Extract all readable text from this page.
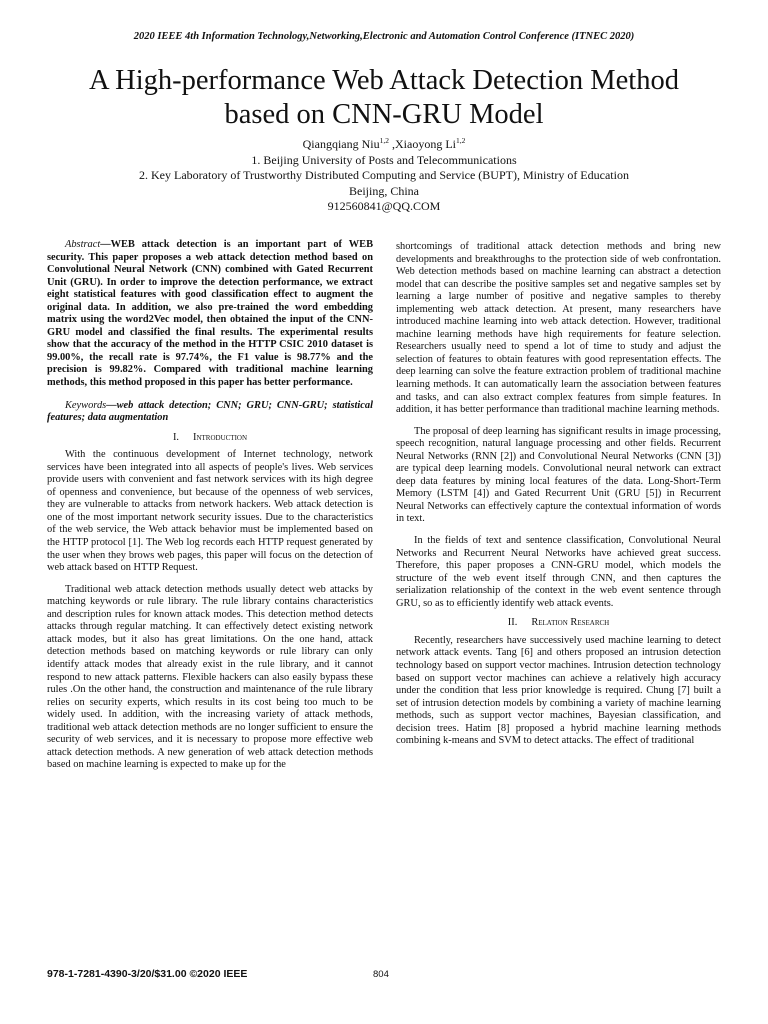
2020 IEEE 4th Information Technology,Networking,Electronic and Automation Control Conference (ITNEC 2020)
A High-performance Web Attack Detection Method
based on CNN-GRU Model
Qiangqiang Niu$^{1,2}$ ,Xiaoyong Li$^{1,2}$
1. Beijing University of Posts and Telecommunications
2. Key Laboratory of Trustworthy Distributed Computing and Service (BUPT), Ministry of Education
Beijing, China
912560841@QQ.COM

Abstract—WEB attack detection is an important part of WEB security. This paper proposes a web attack detection method based on Convolutional Neural Network (CNN) combined with Gated Recurrent Unit (GRU). In order to improve the detection performance, we extract eight statistical features with good classification effect to augment the original data. In addition, we also pre-trained the word embedding matrix using the word2Vec model, then obtained the input of the CNN-GRU model and classified the final results. The experimental results show that the accuracy of the method in the HTTP CSIC 2010 dataset is 99.00%, the recall rate is 97.74%, the F1 value is 98.77% and the precision is 99.82%. Compared with traditional machine learning methods, this method proposed in this paper has better performance.

Keywords—web attack detection; CNN; GRU; CNN-GRU; statistical features; data augmentation

I. Introduction

With the continuous development of Internet technology, network services have been integrated into all aspects of people's lives. Web services provide users with convenient and fast network services with its high degree of openness and convenience, but because of the openness of web services, they are vulnerable to attacks from network hackers. Web attack detection is one of the most important network security issues. Due to the characteristics of the web service, the Web attack behavior must be implemented based on the HTTP protocol [1]. The Web log records each HTTP request generated by the user when they brows web pages, this paper will focus on the detection of web attack based on HTTP Request.

Traditional web attack detection methods usually detect web attacks by matching keywords or rule library. The rule library contains characteristics and description rules for known attack modes. This detection method detects attacks through regular matching. It can effectively detect existing network attack modes, but it also has great limitations. On the one hand, attack detection methods based on matching keywords or rule library can only identify attack modes that already exist in the rule library, and it cannot respond to new attack patterns. Flexible hackers can also easily bypass these rules .On the other hand, the construction and maintenance of the rule library relies on security experts, which results in its cost being too much to be widely used. In addition, with the increasing variety of attack methods, traditional web attack detection methods are no longer sufficient to ensure the security of web services, and it is necessary to propose more effective web attack detection methods. A new generation of web attack detection methods based on machine learning is expected to make up for the

shortcomings of traditional attack detection methods and bring new developments and breakthroughs to the protection side of web confrontation. Web detection methods based on machine learning can abstract a detection model that can describe the positive samples set and negative samples set by learning a large number of positive and negative samples to thereby implementing web attack detection. At present, many researchers have introduced machine learning into web attack detection. However, traditional machine learning methods have high requirements for feature selection. Researchers usually need to spend a lot of time to study and adjust the selection of features to obtain features with good representation effects. The deep learning can solve the feature extraction problem of traditional machine learning methods. It can automatically learn the association between features and tasks, and can also extract complex features from simple features. In addition, it has better performance than traditional machine learning methods.

The proposal of deep learning has significant results in image processing, speech recognition, natural language processing and other fields. Recurrent Neural Networks (RNN [2]) and Convolutional Neural Networks (CNN [3]) are typical deep learning models. Convolutional neural network can extract deep data features by mining local features of the data. Long-Short-Term Memory (LSTM [4]) and Gated Recurrent Unit (GRU [5]) in Recurrent Neural Networks can effectively capture the contextual information of words in text.

In the fields of text and sentence classification, Convolutional Neural Networks and Recurrent Neural Networks have achieved great success. Therefore, this paper proposes a CNN-GRU model, which models the structure of the web event itself through CNN, and then captures the serialization relationship of the context in the web event sentence through GRU, so as to efficiently identify web attack events.

II. Relation Research

Recently, researchers have successively used machine learning to detect network attack events. Tang [6] and others proposed an intrusion detection technology based on support vector machines. Intrusion detection technology based on support vector machines can achieve a relatively high accuracy under the condition that less prior knowledge is required. Chung [7] built a set of intrusion detection models by combining a variety of machine learning methods, such as support vector machines, Bayesian classification, and decision trees. Hatim [8] proposed a hybrid machine learning methods combining k-means and SVM to detect attacks. The effect of traditional

978-1-7281-4390-3/20/$31.00 ©2020 IEEE	804
